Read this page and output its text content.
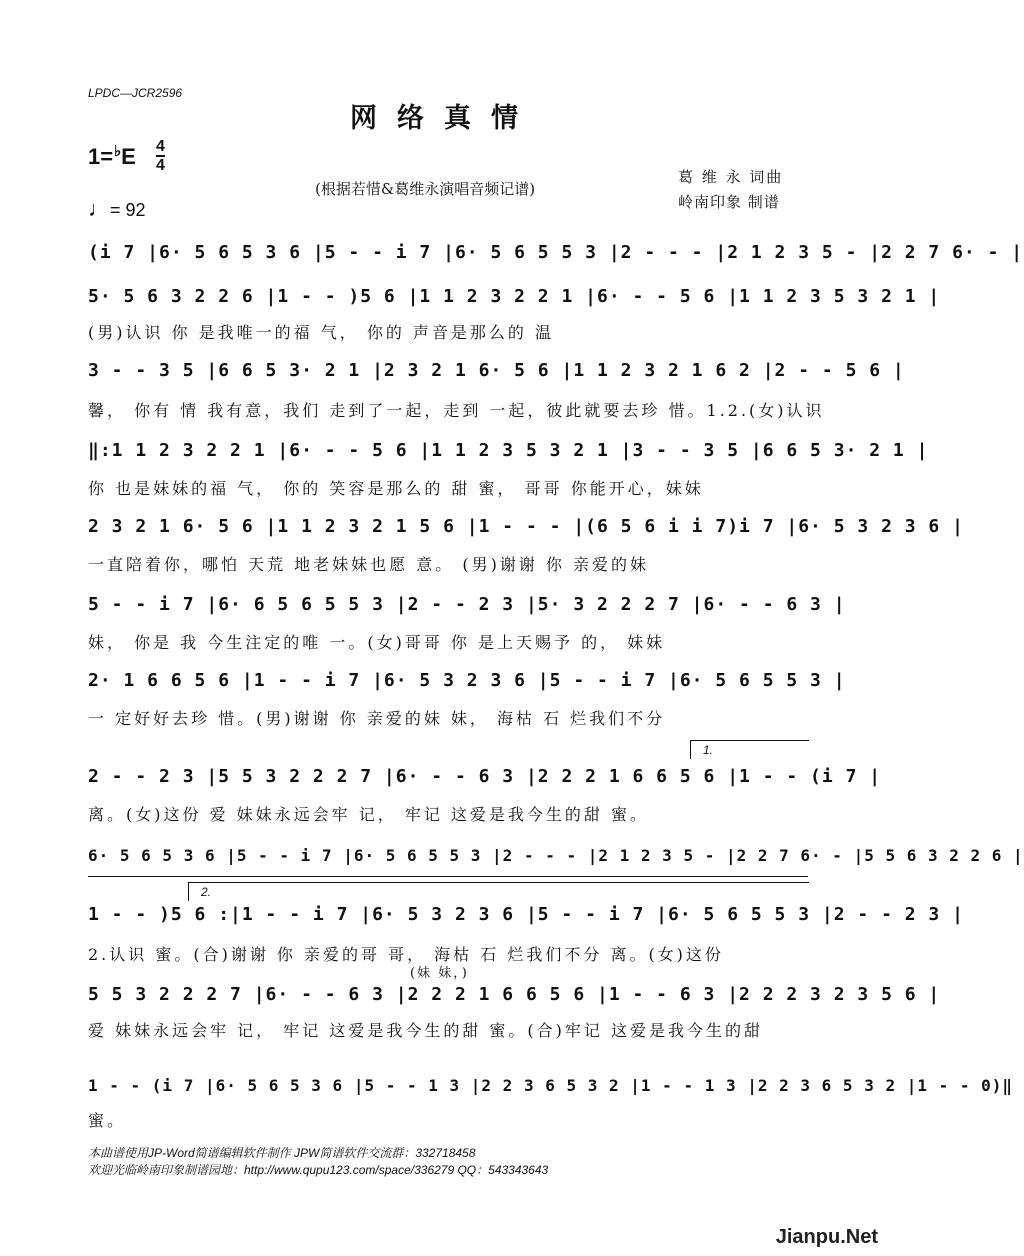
LPDC—JCR2596
网络真情
$1=^♭E \frac{4}{4}$
♩= 92
(根据若惜&葛维永演唱音频记谱)
葛 维 永 词曲
岭南印象 制谱
(i 7 |6· 5 6 5 3 6 |5 - - i 7 |6· 5 6 5 5 3 |2 - - - |2 1 2 3 5 - |2 2 7 6· - |
5· 5 6 3 2 2 6 |1 - - )5 6 |1 1 2 3 2 2 1 |6· - - 5 6 |1 1 2 3 5 3 2 1 |
(男)认识 你 是我唯一的福 气， 你的 声音是那么的 温
3 - - 3 5 |6 6 5 3· 2 1 |2 3 2 1 6· 5 6 |1 1 2 3 2 1 6 2 |2 - - 5 6 |
馨， 你有 情 我有意，我们 走到了一起，走到 一起，彼此就要去珍 惜。1.2.(女)认识
‖:1 1 2 3 2 2 1 |6· - - 5 6 |1 1 2 3 5 3 2 1 |3 - - 3 5 |6 6 5 3· 2 1 |
你 也是妹妹的福 气， 你的 笑容是那么的 甜 蜜， 哥哥 你能开心，妹妹
2 3 2 1 6· 5 6 |1 1 2 3 2 1 5 6 |1 - - - |(6 5 6 i i 7)i 7 |6· 5 3 2 3 6 |
一直陪着你，哪怕 天荒 地老妹妹也愿 意。 (男)谢谢 你 亲爱的妹
5 - - i 7 |6· 6 5 6 5 5 3 |2 - - 2 3 |5· 3 2 2 2 7 |6· - - 6 3 |
妹， 你是 我 今生注定的唯 一。(女)哥哥 你 是上天赐予 的， 妹妹
2· 1 6 6 5 6 |1 - - i 7 |6· 5 3 2 3 6 |5 - - i 7 |6· 5 6 5 5 3 |
一 定好好去珍 惜。(男)谢谢 你 亲爱的妹 妹， 海枯 石 烂我们不分
1.
2 - - 2 3 |5 5 3 2 2 2 7 |6· - - 6 3 |2 2 2 1 6 6 5 6 |1 - - (i 7 |
离。(女)这份 爱 妹妹永远会牢 记， 牢记 这爱是我今生的甜 蜜。
6· 5 6 5 3 6 |5 - - i 7 |6· 5 6 5 5 3 |2 - - - |2 1 2 3 5 - |2 2 7 6· - |5 5 6 3 2 2 6 |
2.
1 - - )5 6 :|1 - - i 7 |6· 5 3 2 3 6 |5 - - i 7 |6· 5 6 5 5 3 |2 - - 2 3 |
2.认识 蜜。(合)谢谢 你 亲爱的哥 哥， 海枯 石 烂我们不分 离。(女)这份
(妹 妹，)
5 5 3 2 2 2 7 |6· - - 6 3 |2 2 2 1 6 6 5 6 |1 - - 6 3 |2 2 2 3 2 3 5 6 |
爱 妹妹永远会牢 记， 牢记 这爱是我今生的甜 蜜。(合)牢记 这爱是我今生的甜
1 - - (i 7 |6· 5 6 5 3 6 |5 - - 1 3 |2 2 3 6 5 3 2 |1 - - 1 3 |2 2 3 6 5 3 2 |1 - - 0)‖
蜜。
本曲谱使用JP-Word简谱编辑软件制作 JPW简谱软件交流群：332718458
欢迎光临岭南印象制谱园地：http://www.qupu123.com/space/336279 QQ：543343643
Jianpu.Net
